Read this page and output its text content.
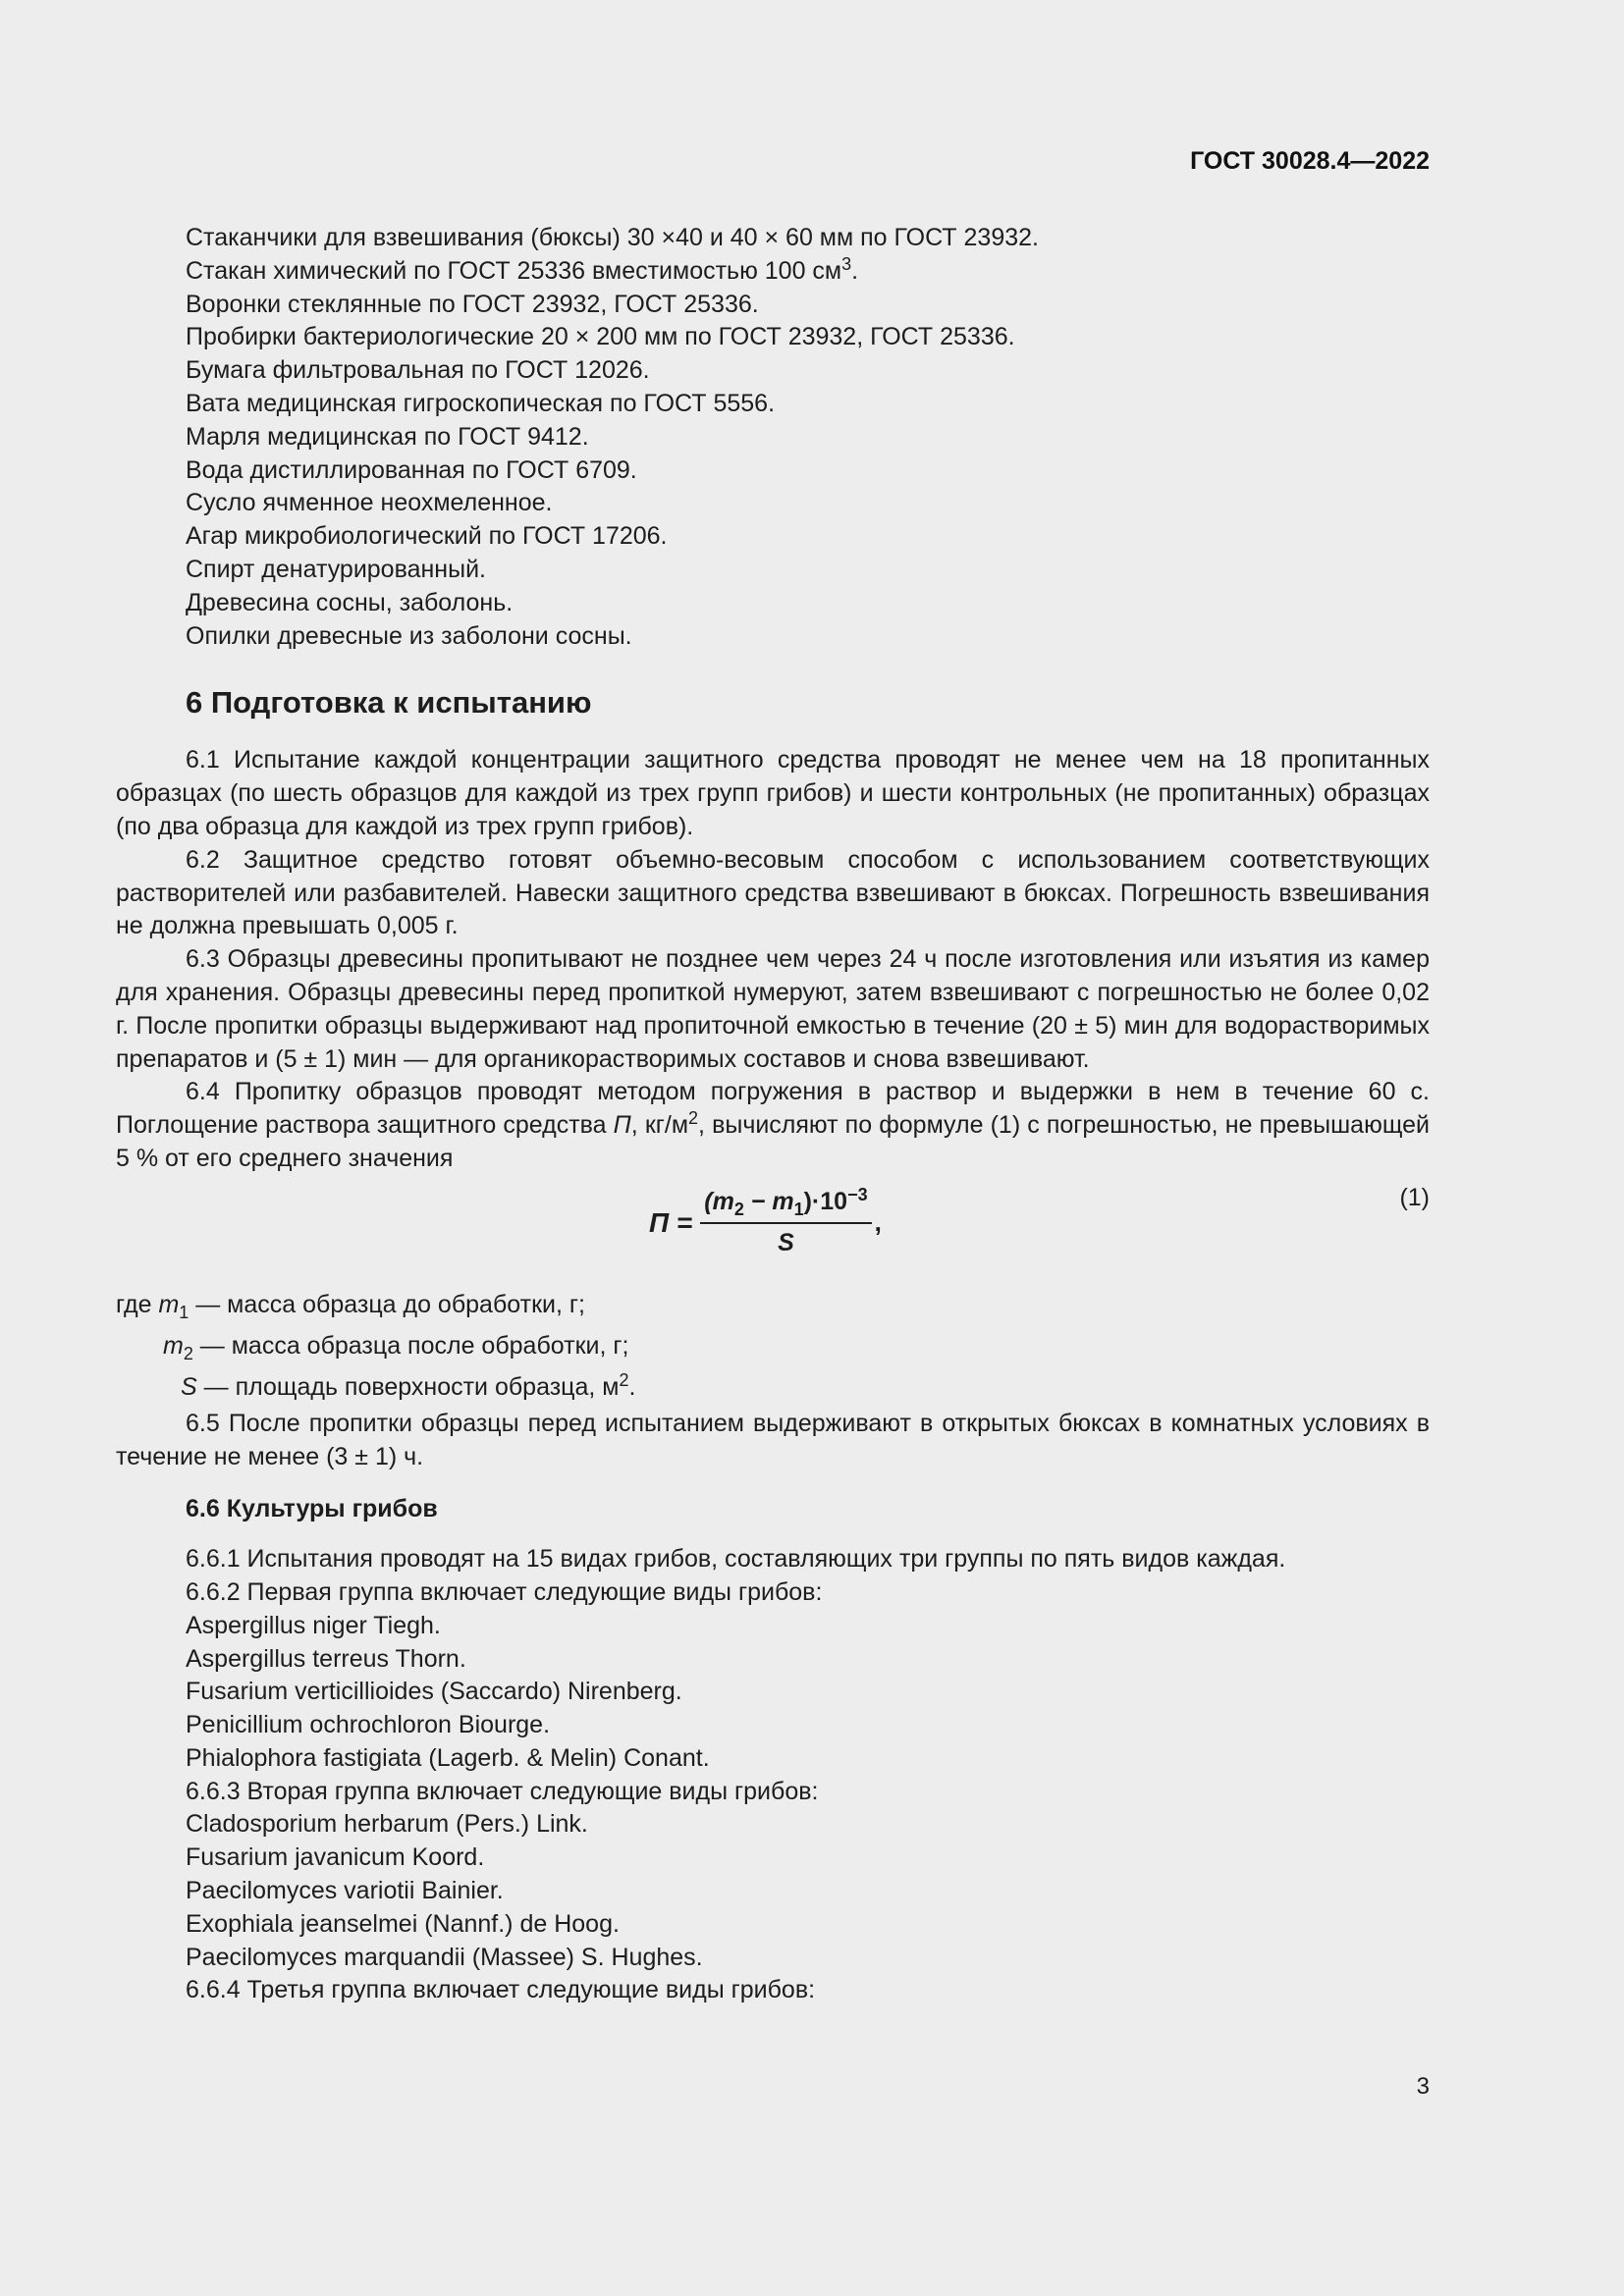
ГОСТ 30028.4—2022
Стаканчики для взвешивания (бюксы) 30 ×40 и 40 × 60 мм по ГОСТ 23932.
Стакан химический по ГОСТ 25336 вместимостью 100 $см^3$.
Воронки стеклянные по ГОСТ 23932, ГОСТ 25336.
Пробирки бактериологические 20 × 200 мм по ГОСТ 23932, ГОСТ 25336.
Бумага фильтровальная по ГОСТ 12026.
Вата медицинская гигроскопическая по ГОСТ 5556.
Марля медицинская по ГОСТ 9412.
Вода дистиллированная по ГОСТ 6709.
Сусло ячменное неохмеленное.
Агар микробиологический по ГОСТ 17206.
Спирт денатурированный.
Древесина сосны, заболонь.
Опилки древесные из заболони сосны.
6 Подготовка к испытанию
6.1 Испытание каждой концентрации защитного средства проводят не менее чем на 18 пропитанных образцах (по шесть образцов для каждой из трех групп грибов) и шести контрольных (не пропитанных) образцах (по два образца для каждой из трех групп грибов).
6.2 Защитное средство готовят объемно-весовым способом с использованием соответствующих растворителей или разбавителей. Навески защитного средства взвешивают в бюксах. Погрешность взвешивания не должна превышать 0,005 г.
6.3 Образцы древесины пропитывают не позднее чем через 24 ч после изготовления или изъятия из камер для хранения. Образцы древесины перед пропиткой нумеруют, затем взвешивают с погрешностью не более 0,02 г. После пропитки образцы выдерживают над пропиточной емкостью в течение (20 ± 5) мин для водорастворимых препаратов и (5 ± 1) мин — для органикорастворимых составов и снова взвешивают.
6.4 Пропитку образцов проводят методом погружения в раствор и выдержки в нем в течение 60 с. Поглощение раствора защитного средства П, $кг/м^2$, вычисляют по формуле (1) с погрешностью, не превышающей 5 % от его среднего значения
$П = \frac{(m_2 - m_1)\cdot 10^{-3}}{S}$ ,
(1)
где $m_1$ — масса образца до обработки, г;
$m_2$ — масса образца после обработки, г;
S — площадь поверхности образца, $м^2$.
6.5 После пропитки образцы перед испытанием выдерживают в открытых бюксах в комнатных условиях в течение не менее (3 ± 1) ч.
6.6 Культуры грибов
6.6.1 Испытания проводят на 15 видах грибов, составляющих три группы по пять видов каждая.
6.6.2 Первая группа включает следующие виды грибов:
Aspergillus niger Tiegh.
Aspergillus terreus Thorn.
Fusarium verticillioides (Saccardo) Nirenberg.
Penicillium ochrochloron Biourge.
Phialophora fastigiata (Lagerb. & Melin) Conant.
6.6.3 Вторая группа включает следующие виды грибов:
Cladosporium herbarum (Pers.) Link.
Fusarium javanicum Koord.
Paecilomyces variotii Bainier.
Exophiala jeanselmei (Nannf.) de Hoog.
Paecilomyces marquandii (Massee) S. Hughes.
6.6.4 Третья группа включает следующие виды грибов:
3
